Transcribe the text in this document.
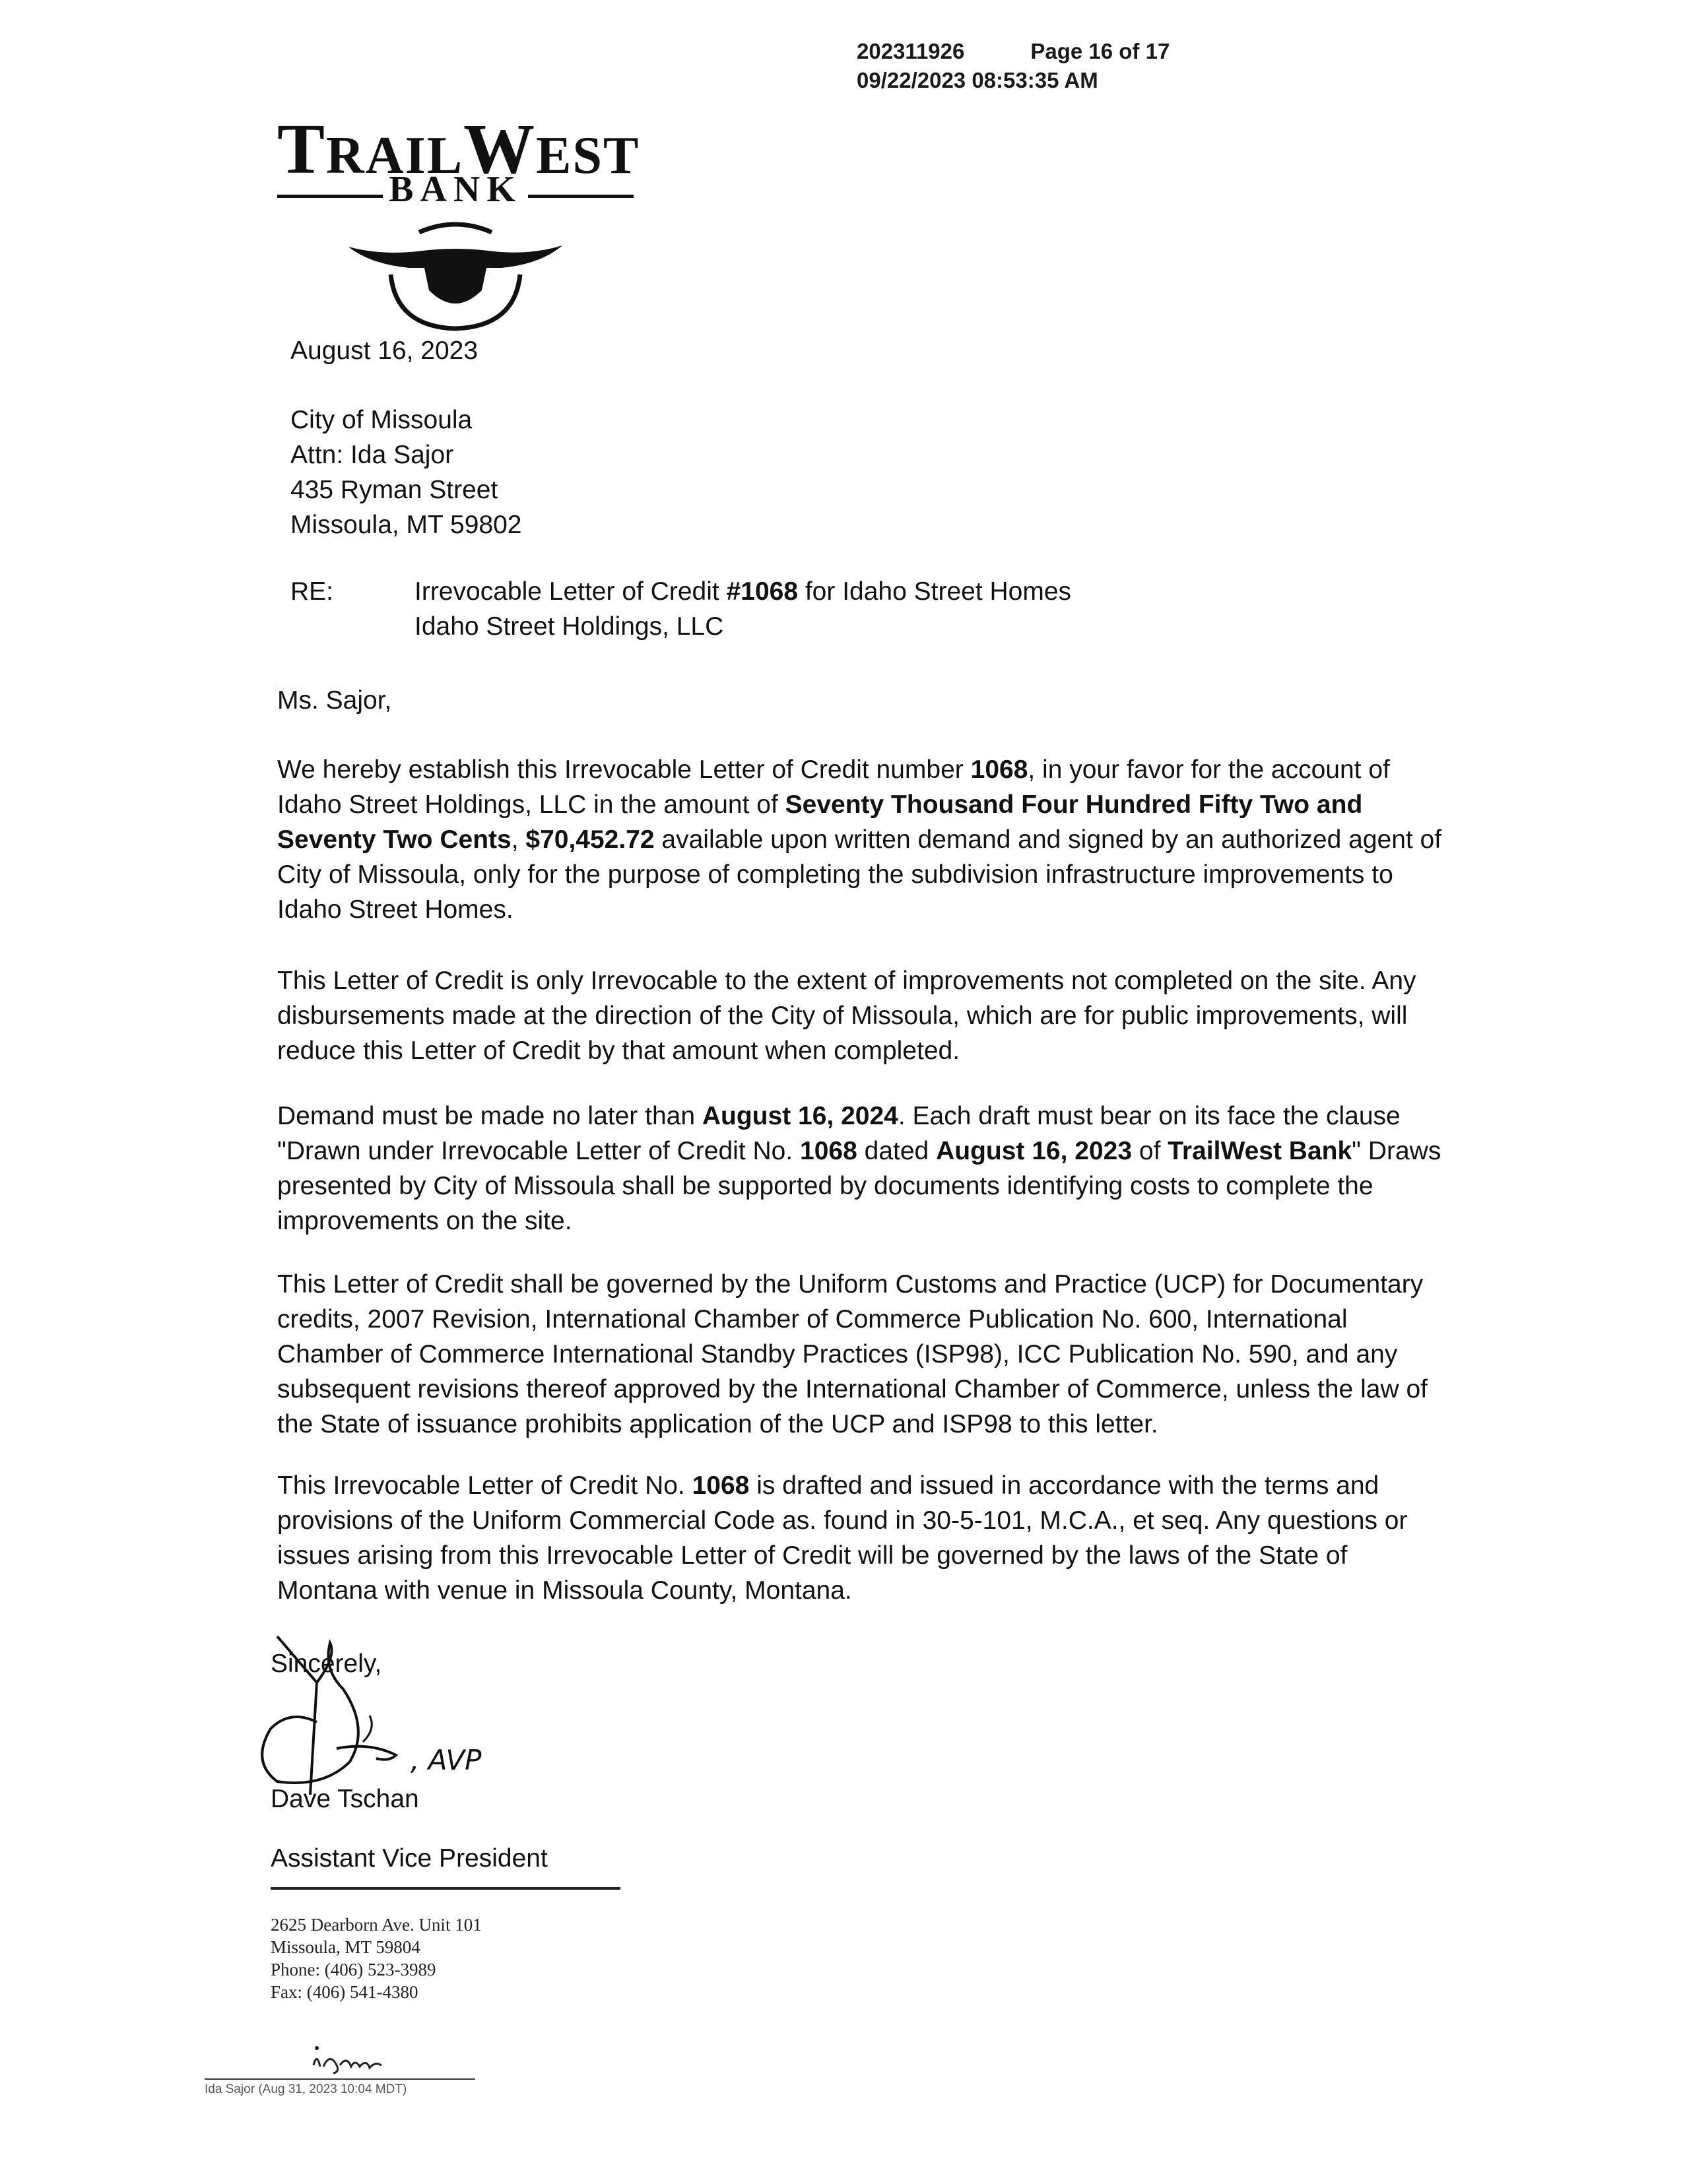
202311926	Page 16 of 17
09/22/2023 08:53:35 AM
TRAILWEST
BANK
August 16, 2023
City of Missoula
Attn: Ida Sajor
435 Ryman Street
Missoula, MT 59802
RE:	Irrevocable Letter of Credit #1068 for Idaho Street Homes
Idaho Street Holdings, LLC
Ms. Sajor,
We hereby establish this Irrevocable Letter of Credit number 1068, in your favor for the account of Idaho Street Holdings, LLC in the amount of Seventy Thousand Four Hundred Fifty Two and Seventy Two Cents, $70,452.72 available upon written demand and signed by an authorized agent of City of Missoula, only for the purpose of completing the subdivision infrastructure improvements to Idaho Street Homes.
This Letter of Credit is only Irrevocable to the extent of improvements not completed on the site. Any disbursements made at the direction of the City of Missoula, which are for public improvements, will reduce this Letter of Credit by that amount when completed.
Demand must be made no later than August 16, 2024. Each draft must bear on its face the clause "Drawn under Irrevocable Letter of Credit No. 1068 dated August 16, 2023 of TrailWest Bank" Draws presented by City of Missoula shall be supported by documents identifying costs to complete the improvements on the site.
This Letter of Credit shall be governed by the Uniform Customs and Practice (UCP) for Documentary credits, 2007 Revision, International Chamber of Commerce Publication No. 600, International Chamber of Commerce International Standby Practices (ISP98), ICC Publication No. 590, and any subsequent revisions thereof approved by the International Chamber of Commerce, unless the law of the State of issuance prohibits application of the UCP and ISP98 to this letter.
This Irrevocable Letter of Credit No. 1068 is drafted and issued in accordance with the terms and provisions of the Uniform Commercial Code as. found in 30-5-101, M.C.A., et seq. Any questions or issues arising from this Irrevocable Letter of Credit will be governed by the laws of the State of Montana with venue in Missoula County, Montana.
Sincerely,
, AVP
Dave Tschan
Assistant Vice President
2625 Dearborn Ave. Unit 101
Missoula, MT 59804
Phone: (406) 523-3989
Fax: (406) 541-4380
Ida Sajor (Aug 31, 2023 10:04 MDT)
